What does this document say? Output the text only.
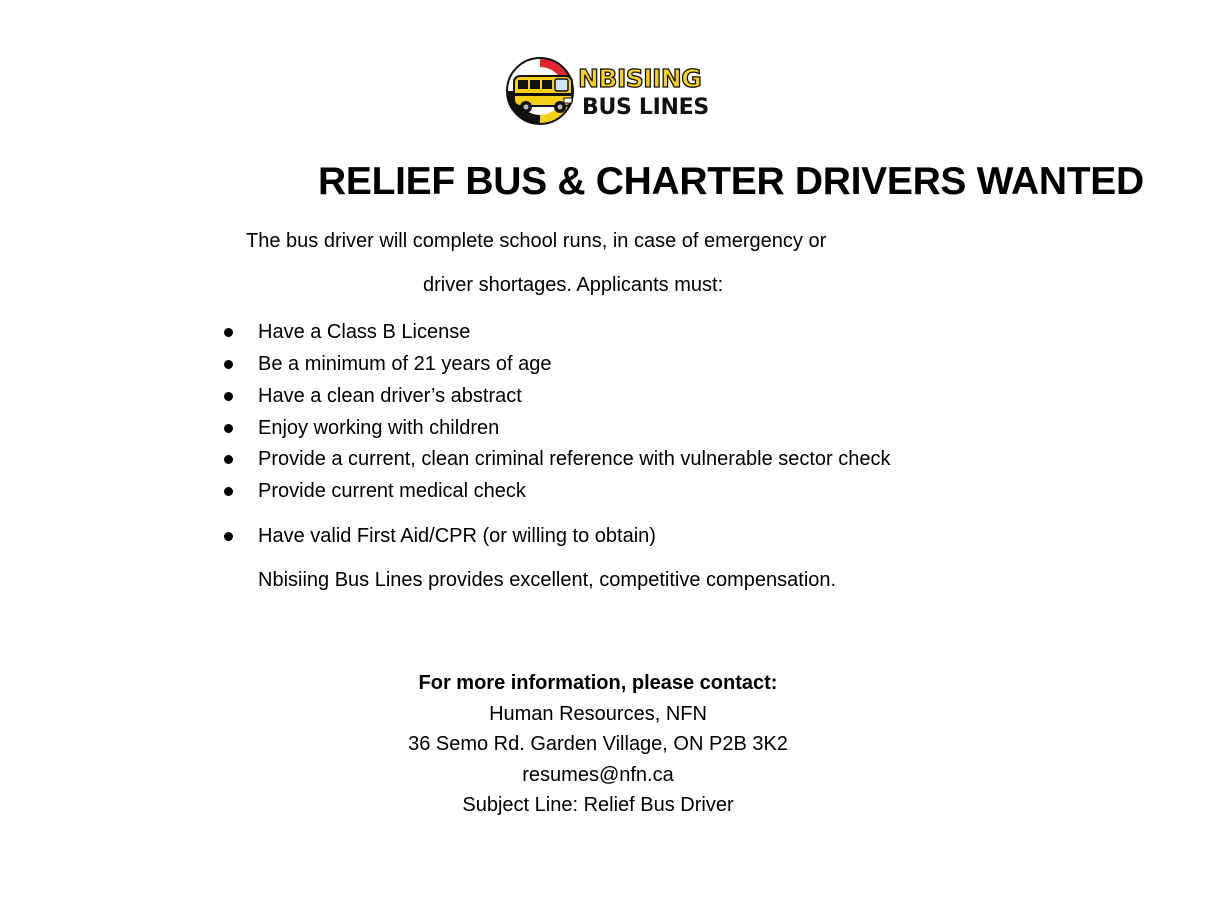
NBISIING
BUS LINES
RELIEF BUS & CHARTER DRIVERS WANTED
The bus driver will complete school runs, in case of emergency or
driver shortages. Applicants must:
Have a Class B License
Be a minimum of 21 years of age
Have a clean driver’s abstract
Enjoy working with children
Provide a current, clean criminal reference with vulnerable sector check
Provide current medical check
Have valid First Aid/CPR (or willing to obtain)
Nbisiing Bus Lines provides excellent, competitive compensation.
For more information, please contact:
Human Resources, NFN
36 Semo Rd. Garden Village, ON P2B 3K2
resumes@nfn.ca
Subject Line: Relief Bus Driver
